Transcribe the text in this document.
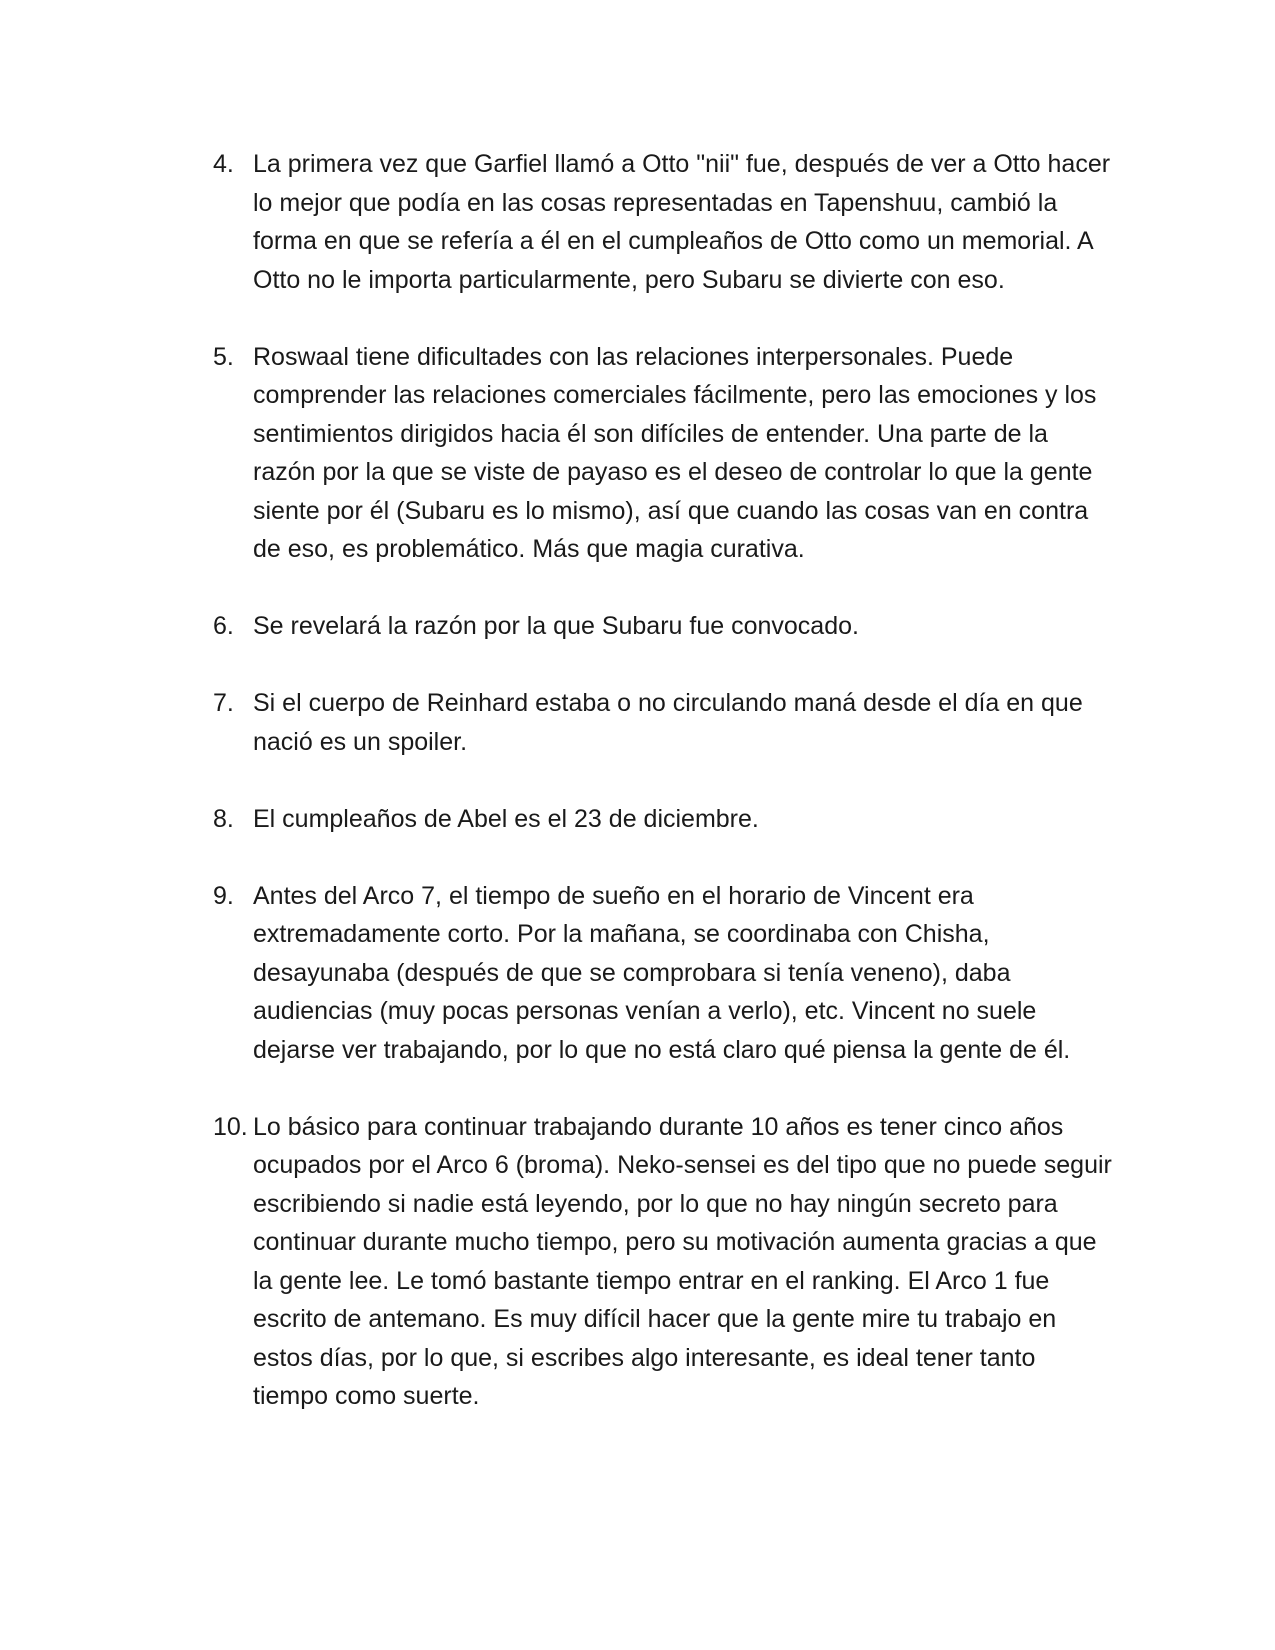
4. La primera vez que Garfiel llamó a Otto "nii" fue, después de ver a Otto hacer lo mejor que podía en las cosas representadas en Tapenshuu, cambió la forma en que se refería a él en el cumpleaños de Otto como un memorial. A Otto no le importa particularmente, pero Subaru se divierte con eso.
5. Roswaal tiene dificultades con las relaciones interpersonales. Puede comprender las relaciones comerciales fácilmente, pero las emociones y los sentimientos dirigidos hacia él son difíciles de entender. Una parte de la razón por la que se viste de payaso es el deseo de controlar lo que la gente siente por él (Subaru es lo mismo), así que cuando las cosas van en contra de eso, es problemático. Más que magia curativa.
6. Se revelará la razón por la que Subaru fue convocado.
7. Si el cuerpo de Reinhard estaba o no circulando maná desde el día en que nació es un spoiler.
8. El cumpleaños de Abel es el 23 de diciembre.
9. Antes del Arco 7, el tiempo de sueño en el horario de Vincent era extremadamente corto. Por la mañana, se coordinaba con Chisha, desayunaba (después de que se comprobara si tenía veneno), daba audiencias (muy pocas personas venían a verlo), etc. Vincent no suele dejarse ver trabajando, por lo que no está claro qué piensa la gente de él.
10. Lo básico para continuar trabajando durante 10 años es tener cinco años ocupados por el Arco 6 (broma). Neko-sensei es del tipo que no puede seguir escribiendo si nadie está leyendo, por lo que no hay ningún secreto para continuar durante mucho tiempo, pero su motivación aumenta gracias a que la gente lee. Le tomó bastante tiempo entrar en el ranking. El Arco 1 fue escrito de antemano. Es muy difícil hacer que la gente mire tu trabajo en estos días, por lo que, si escribes algo interesante, es ideal tener tanto tiempo como suerte.
